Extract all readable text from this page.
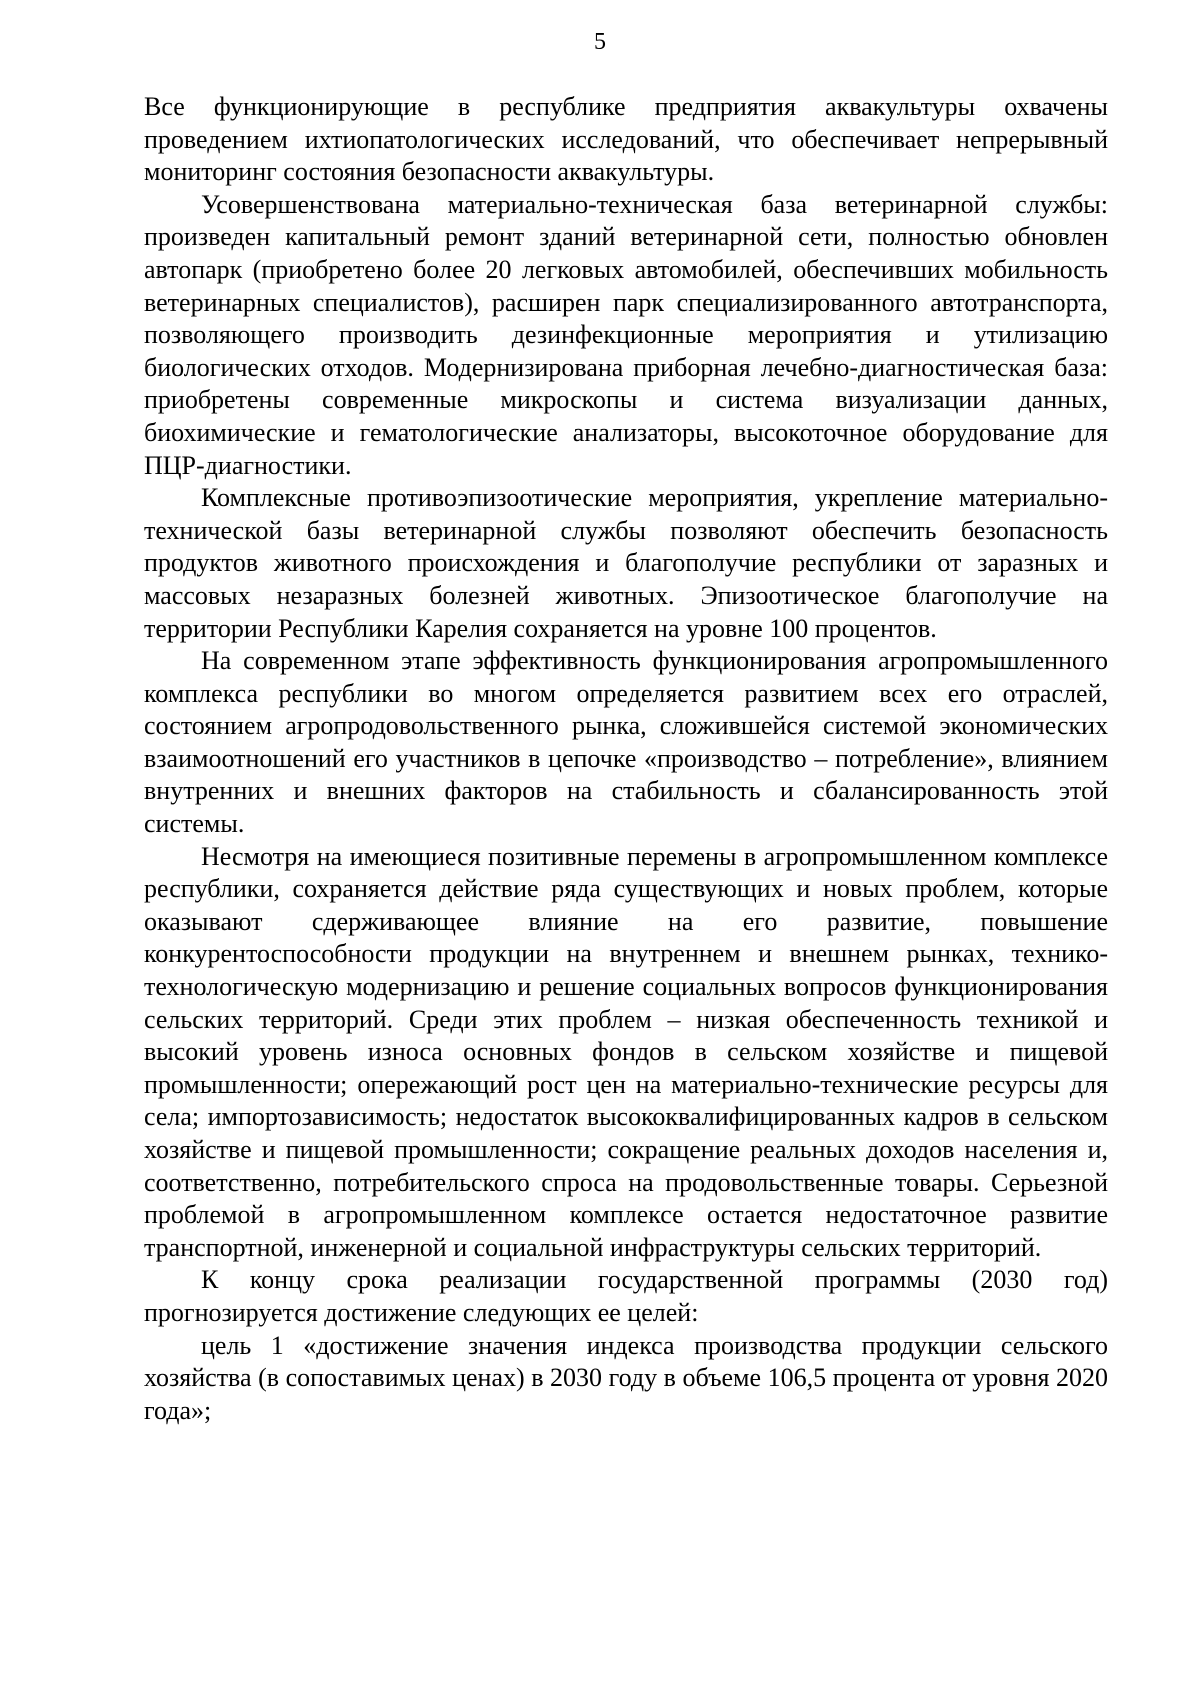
5

Все функционирующие в республике предприятия аквакультуры охвачены проведением ихтиопатологических исследований, что обеспечивает непрерывный мониторинг состояния безопасности аквакультуры.

Усовершенствована материально-техническая база ветеринарной службы: произведен капитальный ремонт зданий ветеринарной сети, полностью обновлен автопарк (приобретено более 20 легковых автомобилей, обеспечивших мобильность ветеринарных специалистов), расширен парк специализированного автотранспорта, позволяющего производить дезинфекционные мероприятия и утилизацию биологических отходов. Модернизирована приборная лечебно-диагностическая база: приобретены современные микроскопы и система визуализации данных, биохимические и гематологические анализаторы, высокоточное оборудование для ПЦР-диагностики.

Комплексные противоэпизоотические мероприятия, укрепление материально-технической базы ветеринарной службы позволяют обеспечить безопасность продуктов животного происхождения и благополучие республики от заразных и массовых незаразных болезней животных. Эпизоотическое благополучие на территории Республики Карелия сохраняется на уровне 100 процентов.

На современном этапе эффективность функционирования агропромышленного комплекса республики во многом определяется развитием всех его отраслей, состоянием агропродовольственного рынка, сложившейся системой экономических взаимоотношений его участников в цепочке «производство – потребление», влиянием внутренних и внешних факторов на стабильность и сбалансированность этой системы.

Несмотря на имеющиеся позитивные перемены в агропромышленном комплексе республики, сохраняется действие ряда существующих и новых проблем, которые оказывают сдерживающее влияние на его развитие, повышение конкурентоспособности продукции на внутреннем и внешнем рынках, технико-технологическую модернизацию и решение социальных вопросов функционирования сельских территорий. Среди этих проблем – низкая обеспеченность техникой и высокий уровень износа основных фондов в сельском хозяйстве и пищевой промышленности; опережающий рост цен на материально-технические ресурсы для села; импортозависимость; недостаток высококвалифицированных кадров в сельском хозяйстве и пищевой промышленности; сокращение реальных доходов населения и, соответственно, потребительского спроса на продовольственные товары. Серьезной проблемой в агропромышленном комплексе остается недостаточное развитие транспортной, инженерной и социальной инфраструктуры сельских территорий.

К концу срока реализации государственной программы (2030 год) прогнозируется достижение следующих ее целей:

цель 1 «достижение значения индекса производства продукции сельского хозяйства (в сопоставимых ценах) в 2030 году в объеме 106,5 процента от уровня 2020 года»;
